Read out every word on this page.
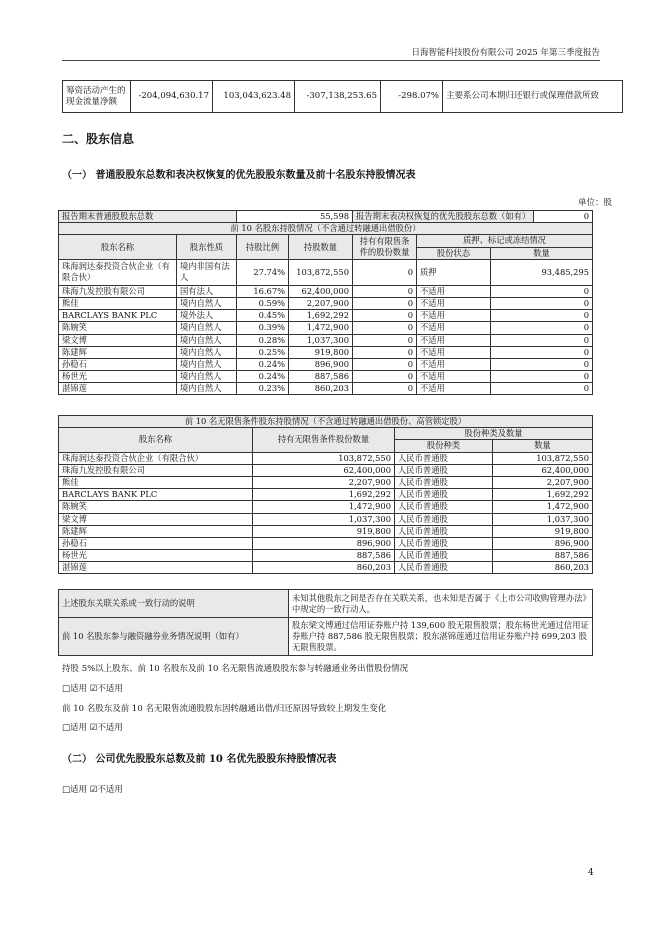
日海智能科技股份有限公司 2025 年第三季度报告
筹资活动产生的现金流量净额	-204,094,630.17	103,043,623.48	-307,138,253.65	-298.07%	主要系公司本期归还银行或保理借款所致
二、股东信息
（一） 普通股股东总数和表决权恢复的优先股股东数量及前十名股东持股情况表
单位：股
报告期末普通股股东总数		55,598		报告期末表决权恢复的优先股股东总数（如有） 0		

前 10 名股东持股情况（不含通过转融通出借股份）						
股东名称	股东性质	持股比例	持股数量	持有有限售条件的股份数量	质押、标记或冻结情况	
					股份状态	数量
珠海润达泰投资合伙企业（有限合伙）	境内非国有法人	27.74%	103,872,550	0	质押	93,485,295
珠海九发控股有限公司	国有法人	16.67%	62,400,000	0	不适用	0
熊佳	境内自然人	0.59%	2,207,900	0	不适用	0
BARCLAYS BANK PLC	境外法人	0.45%	1,692,292	0	不适用	0
陈婉笑	境内自然人	0.39%	1,472,900	0	不适用	0
梁文博	境内自然人	0.28%	1,037,300	0	不适用	0
陈建辉	境内自然人	0.25%	919,800	0	不适用	0
孙稳石	境内自然人	0.24%	896,900	0	不适用	0
杨世光	境内自然人	0.24%	887,586	0	不适用	0
湛锦莲	境内自然人	0.23%	860,203	0	不适用	0
前 10 名无限售条件股东持股情况（不含通过转融通出借股份、高管锁定股）			
股东名称	持有无限售条件股份数量	股份种类及数量	
		股份种类	数量
珠海润达泰投资合伙企业（有限合伙）	103,872,550	人民币普通股	103,872,550
珠海九发控股有限公司	62,400,000	人民币普通股	62,400,000
熊佳	2,207,900	人民币普通股	2,207,900
BARCLAYS BANK PLC	1,692,292	人民币普通股	1,692,292
陈婉笑	1,472,900	人民币普通股	1,472,900
梁文博	1,037,300	人民币普通股	1,037,300
陈建辉	919,800	人民币普通股	919,800
孙稳石	896,900	人民币普通股	896,900
杨世光	887,586	人民币普通股	887,586
湛锦莲	860,203	人民币普通股	860,203
上述股东关联关系或一致行动的说明	未知其他股东之间是否存在关联关系，也未知是否属于《上市公司收购管理办法》中规定的一致行动人。
前 10 名股东参与融资融券业务情况说明（如有）	股东梁文博通过信用证券账户持 139,600 股无限售股票；股东杨世光通过信用证券账户持 887,586 股无限售股票；股东湛锦莲通过信用证券账户持 699,203 股无限售股票。
持股 5%以上股东、前 10 名股东及前 10 名无限售流通股股东参与转融通业务出借股份情况
□适用 ☑不适用
前 10 名股东及前 10 名无限售流通股股东因转融通出借/归还原因导致较上期发生变化
□适用 ☑不适用
（二） 公司优先股股东总数及前 10 名优先股股东持股情况表
□适用 ☑不适用
4
